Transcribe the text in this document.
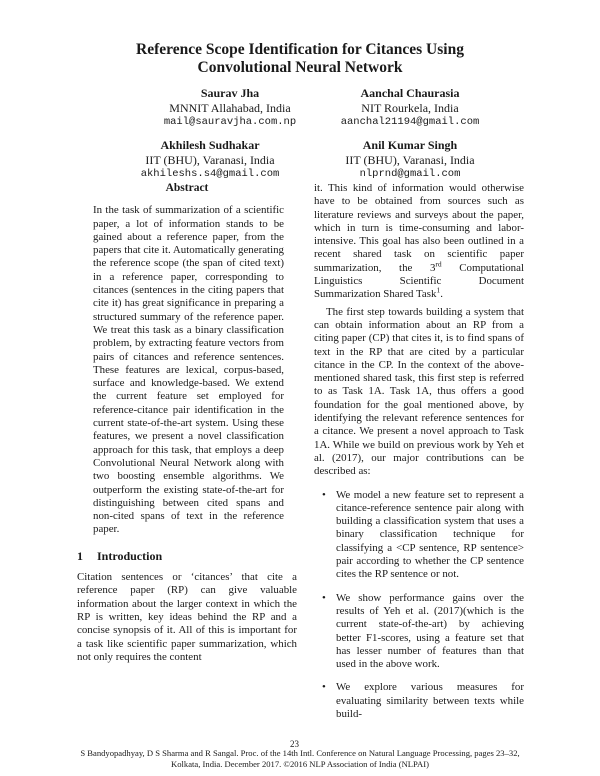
Reference Scope Identification for Citances Using
Convolutional Neural Network
Saurav Jha
MNNIT Allahabad, India
mail@sauravjha.com.np
Aanchal Chaurasia
NIT Rourkela, India
aanchal21194@gmail.com
Akhilesh Sudhakar
IIT (BHU), Varanasi, India
akhileshs.s4@gmail.com
Anil Kumar Singh
IIT (BHU), Varanasi, India
nlprnd@gmail.com
Abstract

In the task of summarization of a scientific paper, a lot of information stands to be gained about a reference paper, from the papers that cite it. Automatically generating the reference scope (the span of cited text) in a reference paper, corresponding to citances (sentences in the citing papers that cite it) has great significance in preparing a structured summary of the reference paper. We treat this task as a binary classification problem, by extracting feature vectors from pairs of citances and reference sentences. These features are lexical, corpus-based, surface and knowledge-based. We extend the current feature set employed for reference-citance pair identification in the current state-of-the-art system. Using these features, we present a novel classification approach for this task, that employs a deep Convolutional Neural Network along with two boosting ensemble algorithms. We outperform the existing state-of-the-art for distinguishing between cited spans and non-cited spans of text in the reference paper.

1 Introduction

Citation sentences or ‘citances’ that cite a reference paper (RP) can give valuable information about the larger context in which the RP is written, key ideas behind the RP and a concise synopsis of it. All of this is important for a task like scientific paper summarization, which not only requires the content

it. This kind of information would otherwise have to be obtained from sources such as literature reviews and surveys about the paper, which in turn is time-consuming and labor-intensive. This goal has also been outlined in a recent shared task on scientific paper summarization, the 3rd Computational Linguistics Scientific Document Summarization Shared Task$^1$.

The first step towards building a system that can obtain information about an RP from a citing paper (CP) that cites it, is to find spans of text in the RP that are cited by a particular citance in the CP. In the context of the above-mentioned shared task, this first step is referred to as Task 1A. Task 1A, thus offers a good foundation for the goal mentioned above, by identifying the relevant reference sentences for a citance. We present a novel approach to Task 1A. While we build on previous work by Yeh et al. (2017), our major contributions can be described as:

• We model a new feature set to represent a citance-reference sentence pair along with building a classification system that uses a binary classification technique for classifying a <CP sentence, RP sentence> pair according to whether the CP sentence cites the RP sentence or not.
• We show performance gains over the results of Yeh et al. (2017)(which is the current state-of-the-art) by achieving better F1-scores, using a feature set that has lesser number of features than that used in the above work.
• We explore various measures for evaluating similarity between texts while build-
23
S Bandyopadhyay, D S Sharma and R Sangal. Proc. of the 14th Intl. Conference on Natural Language Processing, pages 23–32,
Kolkata, India. December 2017. ©2016 NLP Association of India (NLPAI)
